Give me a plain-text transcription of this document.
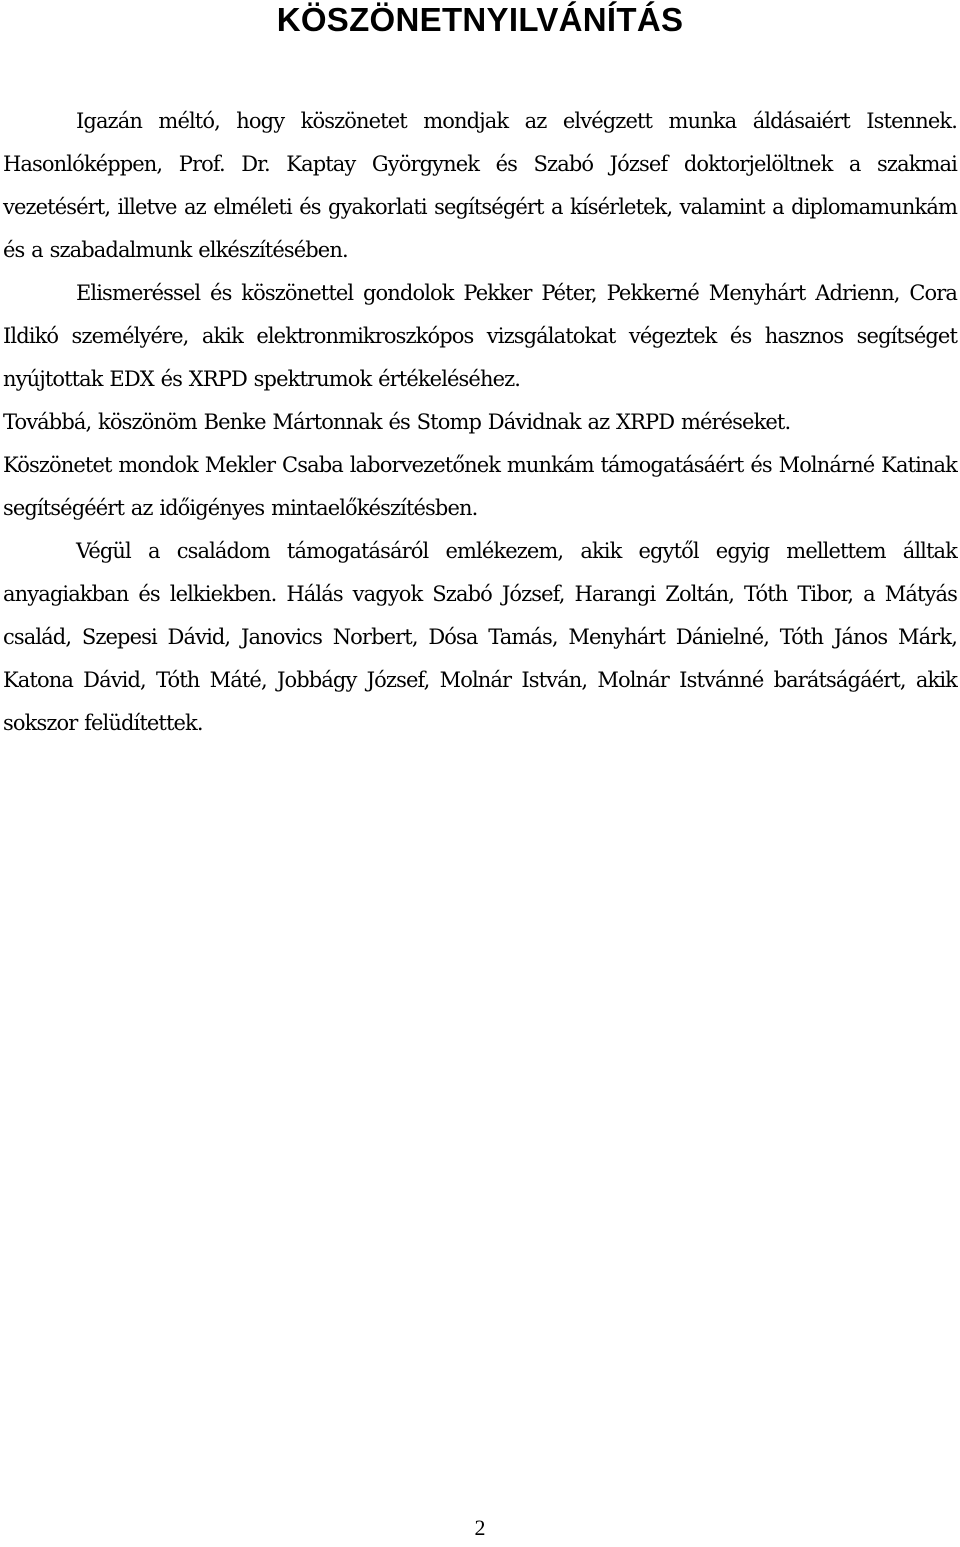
KÖSZÖNETNYILVÁNÍTÁS

Igazán méltó, hogy köszönetet mondjak az elvégzett munka áldásaiért Istennek. Hasonlóképpen, Prof. Dr. Kaptay Györgynek és Szabó József doktorjelöltnek a szakmai vezetésért, illetve az elméleti és gyakorlati segítségért a kísérletek, valamint a diplomamunkám és a szabadalmunk elkészítésében.

Elismeréssel és köszönettel gondolok Pekker Péter, Pekkerné Menyhárt Adrienn, Cora Ildikó személyére, akik elektronmikroszkópos vizsgálatokat végeztek és hasznos segítséget nyújtottak EDX és XRPD spektrumok értékeléséhez.

Továbbá, köszönöm Benke Mártonnak és Stomp Dávidnak az XRPD méréseket.

Köszönetet mondok Mekler Csaba laborvezetőnek munkám támogatásáért és Molnárné Katinak segítségéért az időigényes mintaelőkészítésben.

Végül a családom támogatásáról emlékezem, akik egytől egyig mellettem álltak anyagiakban és lelkiekben. Hálás vagyok Szabó József, Harangi Zoltán, Tóth Tibor, a Mátyás család, Szepesi Dávid, Janovics Norbert, Dósa Tamás, Menyhárt Dánielné, Tóth János Márk, Katona Dávid, Tóth Máté, Jobbágy József, Molnár István, Molnár Istvánné barátságáért, akik sokszor felüdítettek.

2
